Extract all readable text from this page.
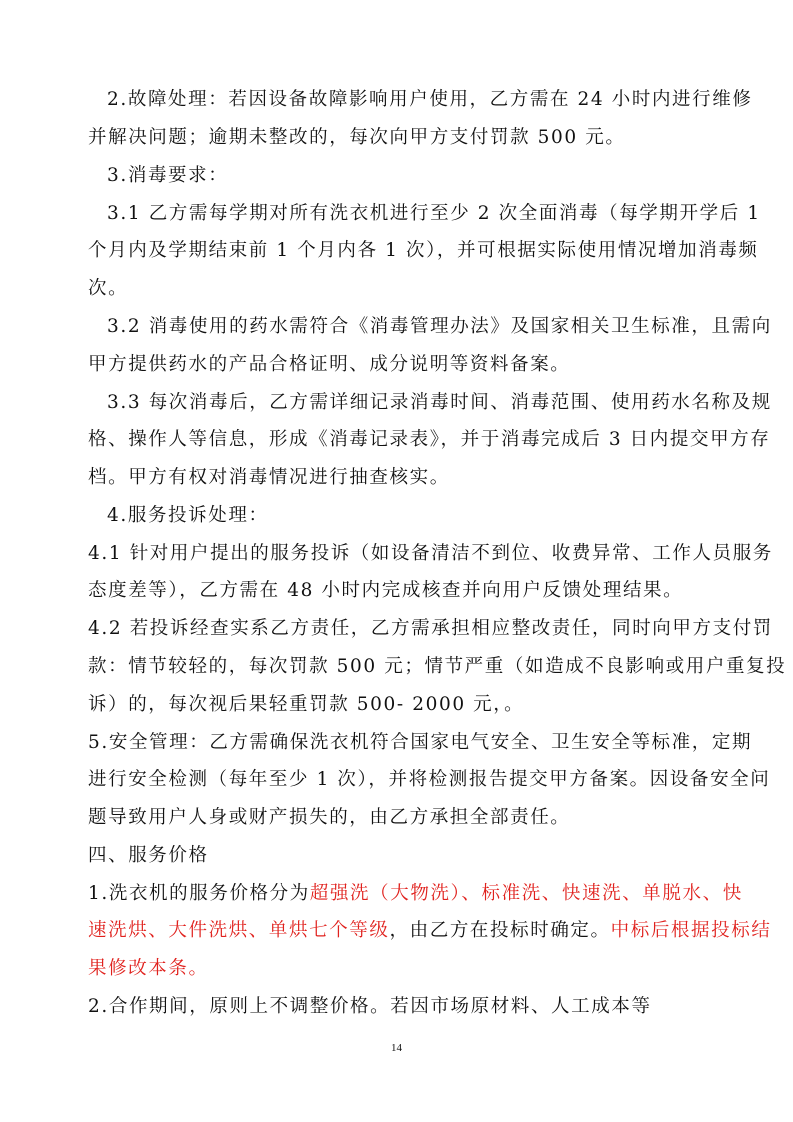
2.故障处理：若因设备故障影响用户使用，乙方需在 24 小时内进行维修
并解决问题；逾期未整改的，每次向甲方支付罚款 500 元。
3.消毒要求：
3.1 乙方需每学期对所有洗衣机进行至少 2 次全面消毒（每学期开学后 1
个月内及学期结束前 1 个月内各 1 次），并可根据实际使用情况增加消毒频
次。
3.2 消毒使用的药水需符合《消毒管理办法》及国家相关卫生标准，且需向
甲方提供药水的产品合格证明、成分说明等资料备案。
3.3 每次消毒后，乙方需详细记录消毒时间、消毒范围、使用药水名称及规
格、操作人等信息，形成《消毒记录表》，并于消毒完成后 3 日内提交甲方存
档。甲方有权对消毒情况进行抽查核实。
4.服务投诉处理：
4.1 针对用户提出的服务投诉（如设备清洁不到位、收费异常、工作人员服务
态度差等），乙方需在 48 小时内完成核查并向用户反馈处理结果。
4.2 若投诉经查实系乙方责任，乙方需承担相应整改责任，同时向甲方支付罚
款：情节较轻的，每次罚款 500 元；情节严重（如造成不良影响或用户重复投
诉）的，每次视后果轻重罚款 500- 2000 元，。
5.安全管理：乙方需确保洗衣机符合国家电气安全、卫生安全等标准，定期
进行安全检测（每年至少 1 次），并将检测报告提交甲方备案。因设备安全问
题导致用户人身或财产损失的，由乙方承担全部责任。
四、服务价格
1.洗衣机的服务价格分为超强洗（大物洗）、标准洗、快速洗、单脱水、快
速洗烘、大件洗烘、单烘七个等级，由乙方在投标时确定。中标后根据投标结
果修改本条。
2.合作期间，原则上不调整价格。若因市场原材料、人工成本等
14
